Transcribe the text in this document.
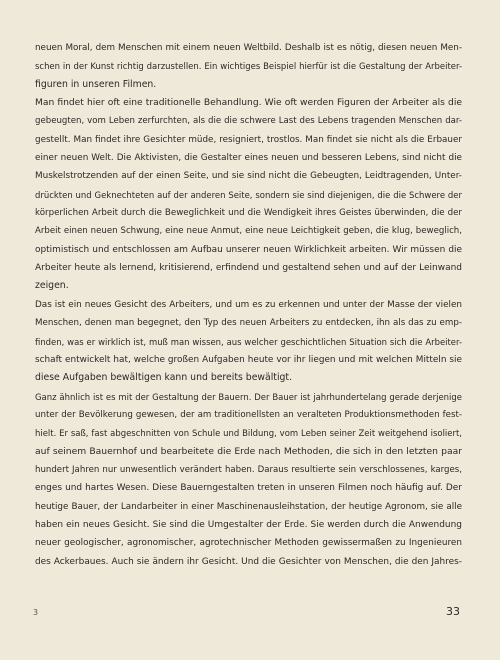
neuen Moral, dem Menschen mit einem neuen Weltbild. Deshalb ist es nötig, diesen neuen Men-
schen in der Kunst richtig darzustellen. Ein wichtiges Beispiel hierfür ist die Gestaltung der Arbeiter-
figuren in unseren Filmen.
Man findet hier oft eine traditionelle Behandlung. Wie oft werden Figuren der Arbeiter als die
gebeugten, vom Leben zerfurchten, als die die schwere Last des Lebens tragenden Menschen dar-
gestellt. Man findet ihre Gesichter müde, resigniert, trostlos. Man findet sie nicht als die Erbauer
einer neuen Welt. Die Aktivisten, die Gestalter eines neuen und besseren Lebens, sind nicht die
Muskelstrotzenden auf der einen Seite, und sie sind nicht die Gebeugten, Leidtragenden, Unter-
drückten und Geknechteten auf der anderen Seite, sondern sie sind diejenigen, die die Schwere der
körperlichen Arbeit durch die Beweglichkeit und die Wendigkeit ihres Geistes überwinden, die der
Arbeit einen neuen Schwung, eine neue Anmut, eine neue Leichtigkeit geben, die klug, beweglich,
optimistisch und entschlossen am Aufbau unserer neuen Wirklichkeit arbeiten. Wir müssen die
Arbeiter heute als lernend, kritisierend, erfindend und gestaltend sehen und auf der Leinwand
zeigen.
Das ist ein neues Gesicht des Arbeiters, und um es zu erkennen und unter der Masse der vielen
Menschen, denen man begegnet, den Typ des neuen Arbeiters zu entdecken, ihn als das zu emp-
finden, was er wirklich ist, muß man wissen, aus welcher geschichtlichen Situation sich die Arbeiter-
schaft entwickelt hat, welche großen Aufgaben heute vor ihr liegen und mit welchen Mitteln sie
diese Aufgaben bewältigen kann und bereits bewältigt.
Ganz ähnlich ist es mit der Gestaltung der Bauern. Der Bauer ist jahrhundertelang gerade derjenige
unter der Bevölkerung gewesen, der am traditionellsten an veralteten Produktionsmethoden fest-
hielt. Er saß, fast abgeschnitten von Schule und Bildung, vom Leben seiner Zeit weitgehend isoliert,
auf seinem Bauernhof und bearbeitete die Erde nach Methoden, die sich in den letzten paar
hundert Jahren nur unwesentlich verändert haben. Daraus resultierte sein verschlossenes, karges,
enges und hartes Wesen. Diese Bauerngestalten treten in unseren Filmen noch häufig auf. Der
heutige Bauer, der Landarbeiter in einer Maschinenausleihstation, der heutige Agronom, sie alle
haben ein neues Gesicht. Sie sind die Umgestalter der Erde. Sie werden durch die Anwendung
neuer geologischer, agronomischer, agrotechnischer Methoden gewissermaßen zu Ingenieuren
des Ackerbaues. Auch sie ändern ihr Gesicht. Und die Gesichter von Menschen, die den Jahres-
3	33
